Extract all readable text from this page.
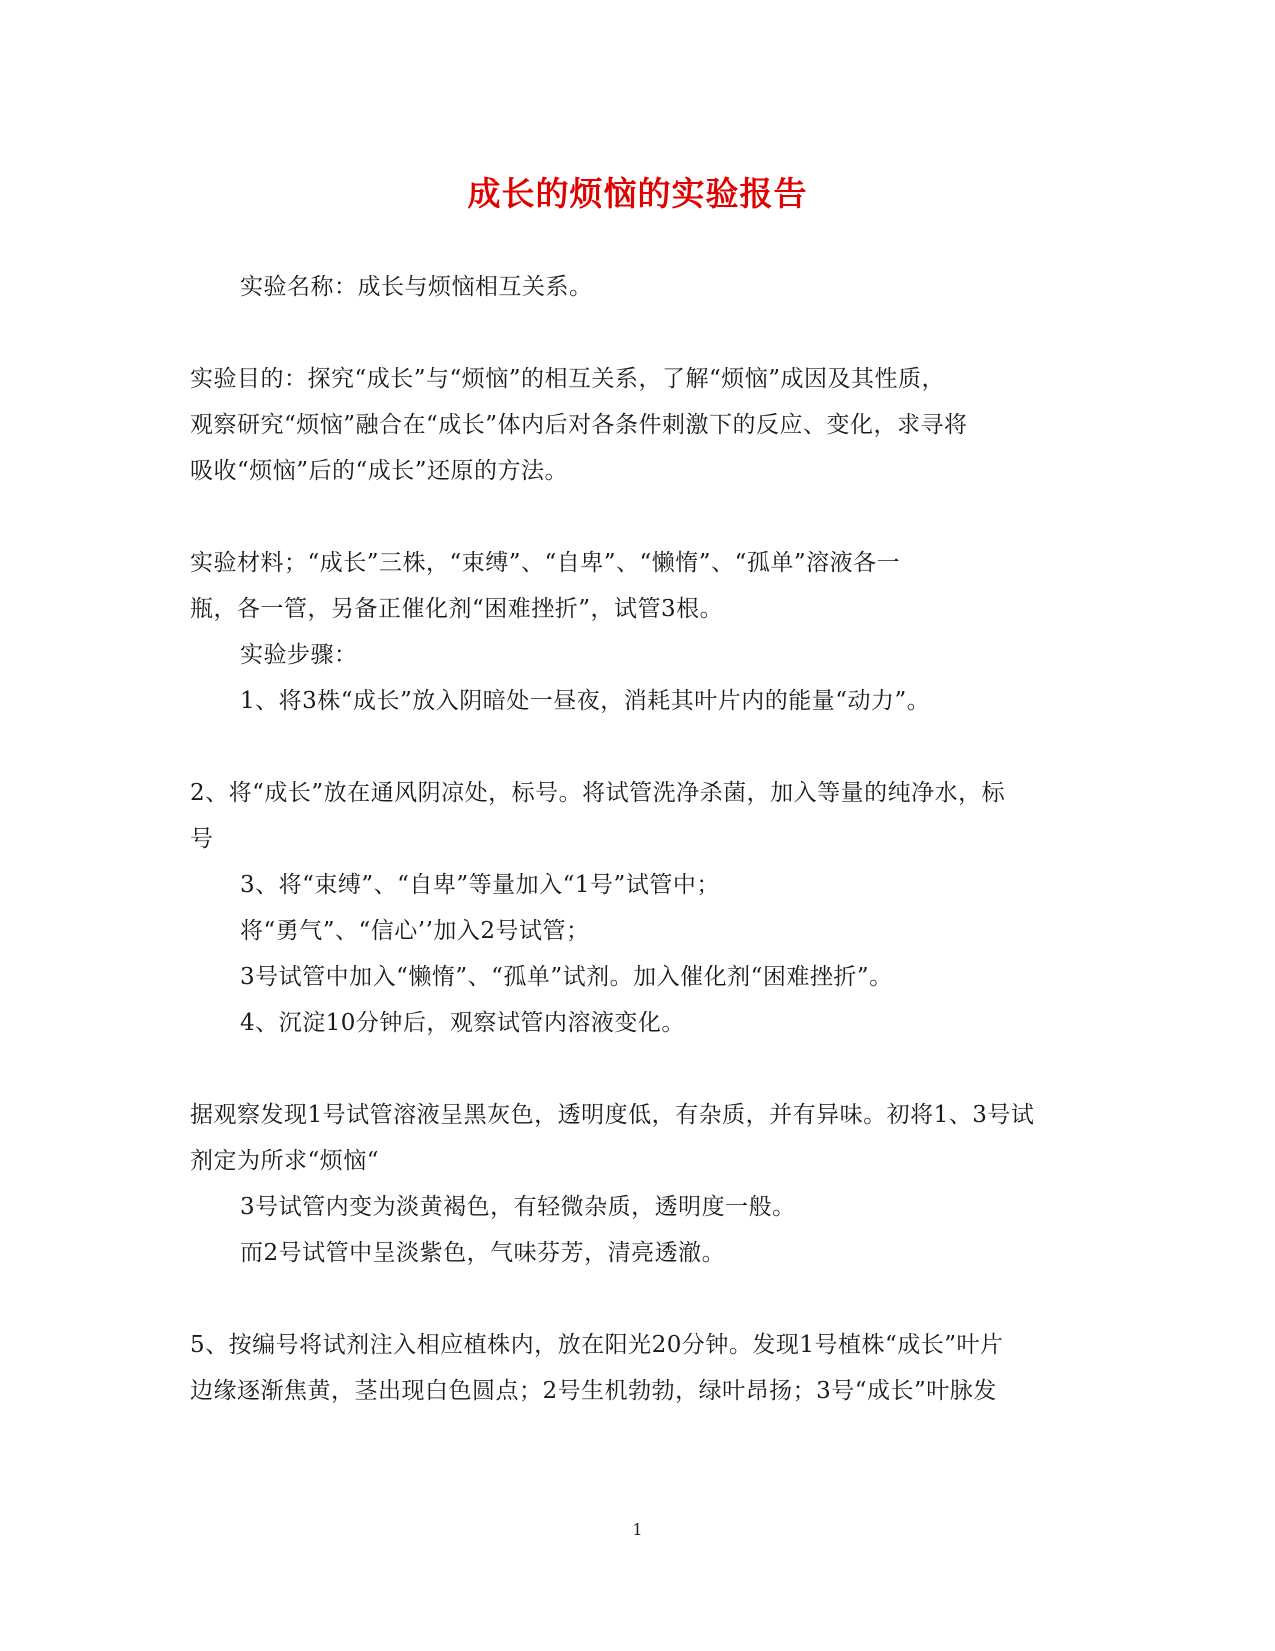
成长的烦恼的实验报告
实验名称：成长与烦恼相互关系。
实验目的：探究“成长”与“烦恼”的相互关系，了解“烦恼”成因及其性质，
观察研究“烦恼”融合在“成长”体内后对各条件刺激下的反应、变化，求寻将
吸收“烦恼”后的“成长”还原的方法。
实验材料；“成长”三株，“束缚”、“自卑”、“懒惰”、“孤单”溶液各一
瓶，各一管，另备正催化剂“困难挫折”，试管3根。
实验步骤：
1、将3株“成长”放入阴暗处一昼夜，消耗其叶片内的能量“动力”。
2、将“成长”放在通风阴凉处，标号。将试管洗净杀菌，加入等量的纯净水，标
号
3、将“束缚”、“自卑”等量加入“1号”试管中；
将“勇气”、“信心’’加入2号试管；
3号试管中加入“懒惰”、“孤单”试剂。加入催化剂“困难挫折”。
4、沉淀10分钟后，观察试管内溶液变化。
据观察发现1号试管溶液呈黑灰色，透明度低，有杂质，并有异味。初将1、3号试
剂定为所求“烦恼“
3号试管内变为淡黄褐色，有轻微杂质，透明度一般。
而2号试管中呈淡紫色，气味芬芳，清亮透澈。
5、按编号将试剂注入相应植株内，放在阳光20分钟。发现1号植株“成长”叶片
边缘逐渐焦黄，茎出现白色圆点；2号生机勃勃，绿叶昂扬；3号“成长”叶脉发
1
